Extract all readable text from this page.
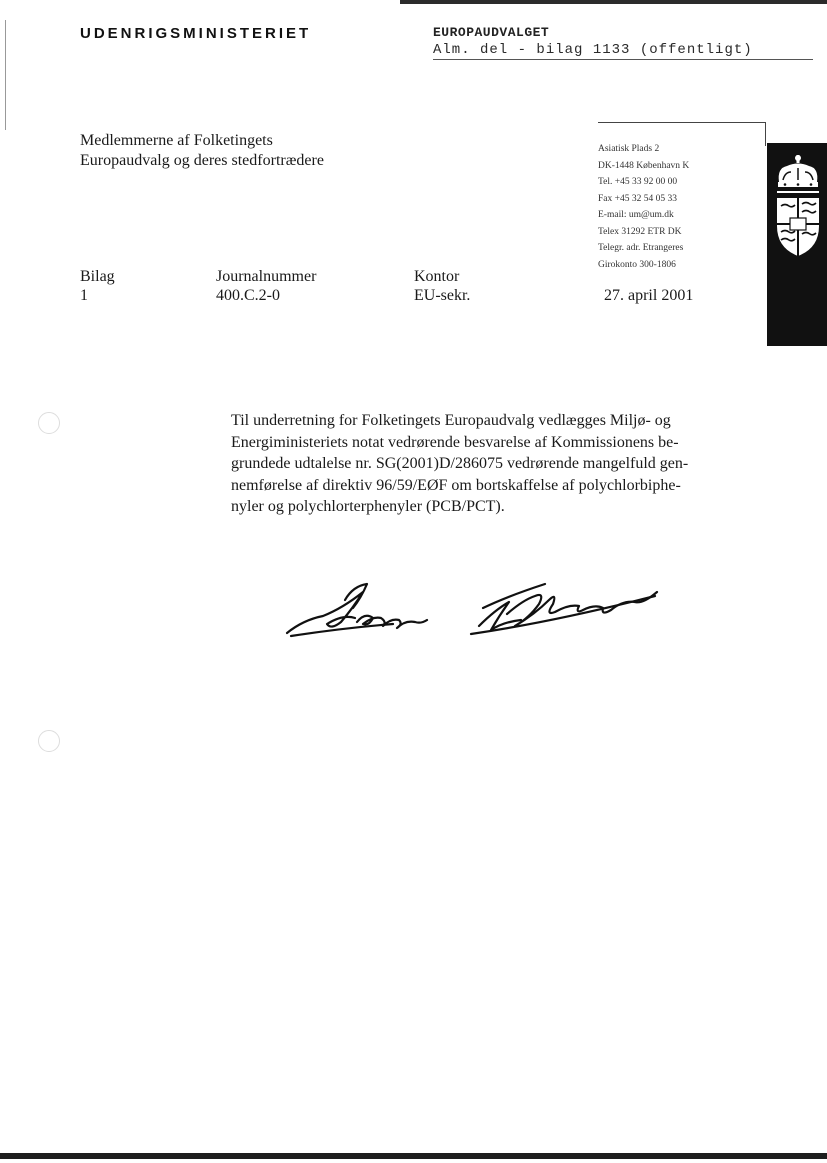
UDENRIGSMINISTERIET	EUROPAUDVALGET
Alm. del - bilag 1133 (offentligt)
Medlemmerne af Folketingets
Europaudvalg og deres stedfortrædere
Asiatisk Plads 2
DK-1448 København K
Tel. +45 33 92 00 00
Fax +45 32 54 05 33
E-mail: um@um.dk
Telex 31292 ETR DK
Telegr. adr. Etrangeres
Girokonto 300-1806
Bilag
1
Journalnummer
400.C.2-0
Kontor
EU-sekr.	27. april 2001
Til underretning for Folketingets Europaudvalg vedlægges Miljø- og
Energiministeriets notat vedrørende besvarelse af Kommissionens be-
grundede udtalelse nr. SG(2001)D/286075 vedrørende mangelfuld gen-
nemførelse af direktiv 96/59/EØF om bortskaffelse af polychlorbiphe-
nyler og polychlorterphenyler (PCB/PCT).
